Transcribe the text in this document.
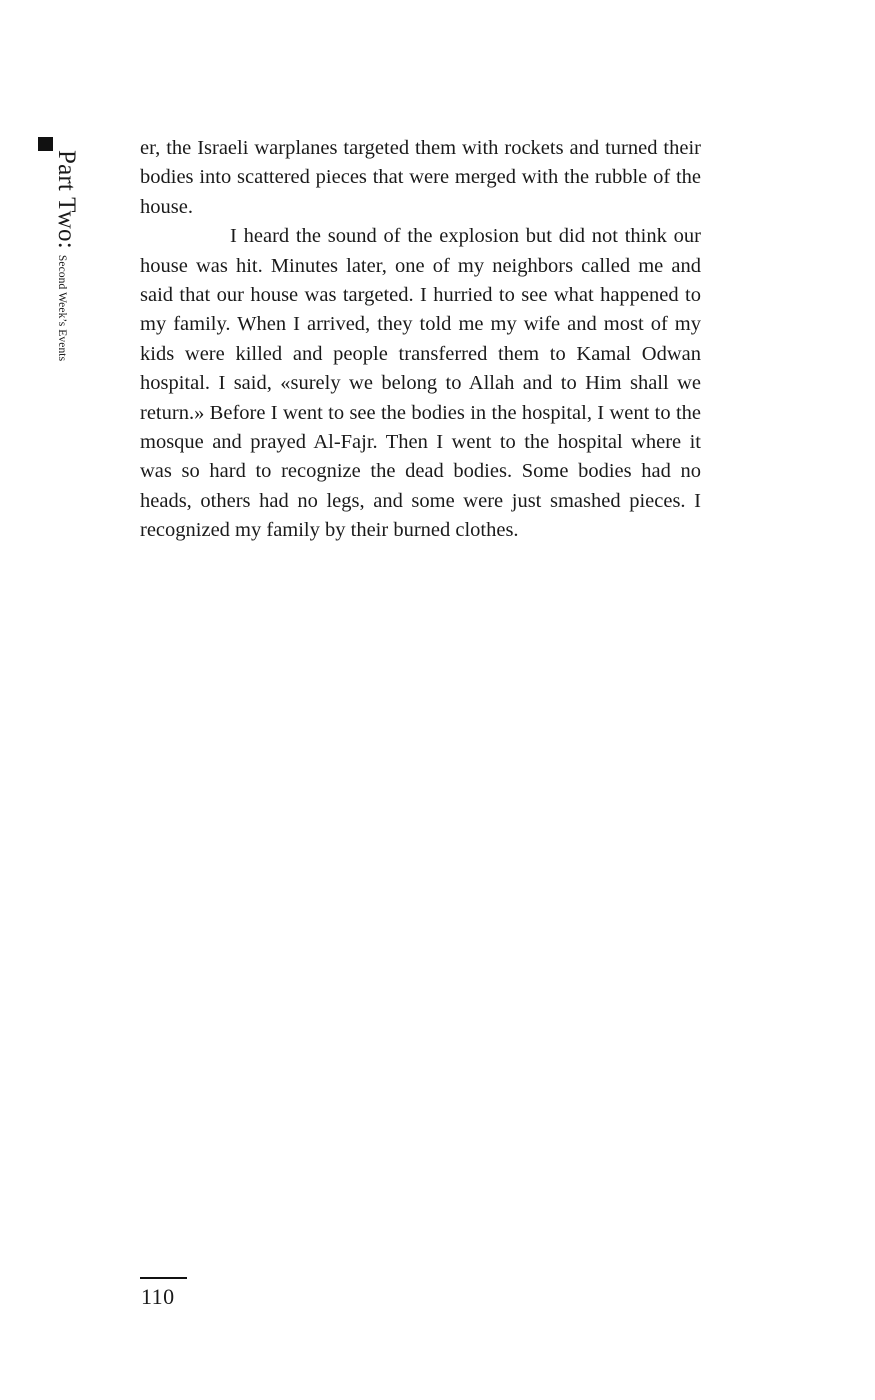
Part Two:
Second Week’s Events

er, the Israeli warplanes targeted them with rockets and turned their bodies into scattered pieces that were merged with the rubble of the house.

I heard the sound of the explosion but did not think our house was hit. Minutes later, one of my neighbors called me and said that our house was targeted. I hurried to see what happened to my family. When I arrived, they told me my wife and most of my kids were killed and people transferred them to Kamal Odwan hospital. I said, «surely we belong to Allah and to Him shall we return.» Before I went to see the bodies in the hospital, I went to the mosque and prayed Al-Fajr. Then I went to the hospital where it was so hard to recognize the dead bodies. Some bodies had no heads, others had no legs, and some were just smashed pieces. I recognized my family by their burned clothes.

110
